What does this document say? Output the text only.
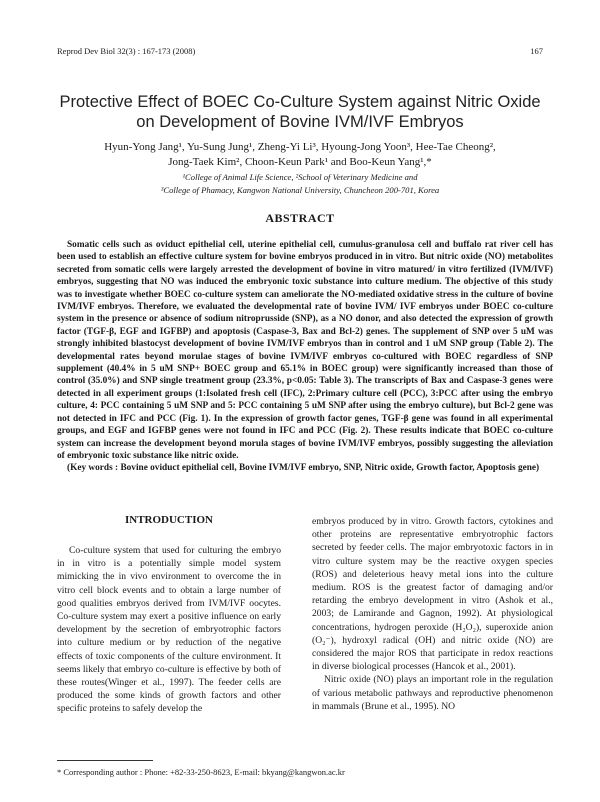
Reprod Dev Biol 32(3) : 167-173 (2008)	167
Protective Effect of BOEC Co-Culture System against Nitric Oxide
on Development of Bovine IVM/IVF Embryos
Hyun-Yong Jang¹, Yu-Sung Jung¹, Zheng-Yi Li³, Hyoung-Jong Yoon³, Hee-Tae Cheong²,
Jong-Taek Kim², Choon-Keun Park¹ and Boo-Keun Yang¹,*
¹College of Animal Life Science, ²School of Veterinary Medicine and
³College of Phamacy, Kangwon National University, Chuncheon 200-701, Korea
ABSTRACT

Somatic cells such as oviduct epithelial cell, uterine epithelial cell, cumulus-granulosa cell and buffalo rat river cell has been used to establish an effective culture system for bovine embryos produced in in vitro. But nitric oxide (NO) metabolites secreted from somatic cells were largely arrested the development of bovine in vitro matured/ in vitro fertilized (IVM/IVF) embryos, suggesting that NO was induced the embryonic toxic substance into culture medium. The objective of this study was to investigate whether BOEC co-culture system can ameliorate the NO-mediated oxidative stress in the culture of bovine IVM/IVF embryos. Therefore, we evaluated the developmental rate of bovine IVM/ IVF embryos under BOEC co-culture system in the presence or absence of sodium nitroprusside (SNP), as a NO donor, and also detected the expression of growth factor (TGF-β, EGF and IGFBP) and apoptosis (Caspase-3, Bax and Bcl-2) genes. The supplement of SNP over 5 uM was strongly inhibited blastocyst development of bovine IVM/IVF embryos than in control and 1 uM SNP group (Table 2). The developmental rates beyond morulae stages of bovine IVM/IVF embryos co-cultured with BOEC regardless of SNP supplement (40.4% in 5 uM SNP+ BOEC group and 65.1% in BOEC group) were significantly increased than those of control (35.0%) and SNP single treatment group (23.3%, p<0.05: Table 3). The transcripts of Bax and Caspase-3 genes were detected in all experiment groups (1:Isolated fresh cell (IFC), 2:Primary culture cell (PCC), 3:PCC after using the embryo culture, 4: PCC containing 5 uM SNP and 5: PCC containing 5 uM SNP after using the embryo culture), but Bcl-2 gene was not detected in IFC and PCC (Fig. 1). In the expression of growth factor genes, TGF-β gene was found in all experimental groups, and EGF and IGFBP genes were not found in IFC and PCC (Fig. 2). These results indicate that BOEC co-culture system can increase the development beyond morula stages of bovine IVM/IVF embryos, possibly suggesting the alleviation of embryonic toxic substance like nitric oxide.

(Key words : Bovine oviduct epithelial cell, Bovine IVM/IVF embryo, SNP, Nitric oxide, Growth factor, Apoptosis gene)
INTRODUCTION

Co-culture system that used for culturing the embryo in in vitro is a potentially simple model system mimicking the in vivo environment to overcome the in vitro cell block events and to obtain a large number of good qualities embryos derived from IVM/IVF oocytes. Co-culture system may exert a positive influence on early development by the secretion of embryotrophic factors into culture medium or by reduction of the negative effects of toxic components of the culture environment. It seems likely that embryo co-culture is effective by both of these routes(Winger et al., 1997). The feeder cells are produced the some kinds of growth factors and other specific proteins to safely develop the

embryos produced by in vitro. Growth factors, cytokines and other proteins are representative embryotrophic factors secreted by feeder cells. The major embryotoxic factors in in vitro culture system may be the reactive oxygen species (ROS) and deleterious heavy metal ions into the culture medium. ROS is the greatest factor of damaging and/or retarding the embryo development in vitro (Ashok et al., 2003; de Lamirande and Gagnon, 1992). At physiological concentrations, hydrogen peroxide (H₂O₂), superoxide anion (O₂⁻), hydroxyl radical (OH) and nitric oxide (NO) are considered the major ROS that participate in redox reactions in diverse biological processes (Hancok et al., 2001).

Nitric oxide (NO) plays an important role in the regulation of various metabolic pathways and reproductive phenomenon in mammals (Brune et al., 1995). NO

* Corresponding author : Phone: +82-33-250-8623, E-mail: bkyang@kangwon.ac.kr
